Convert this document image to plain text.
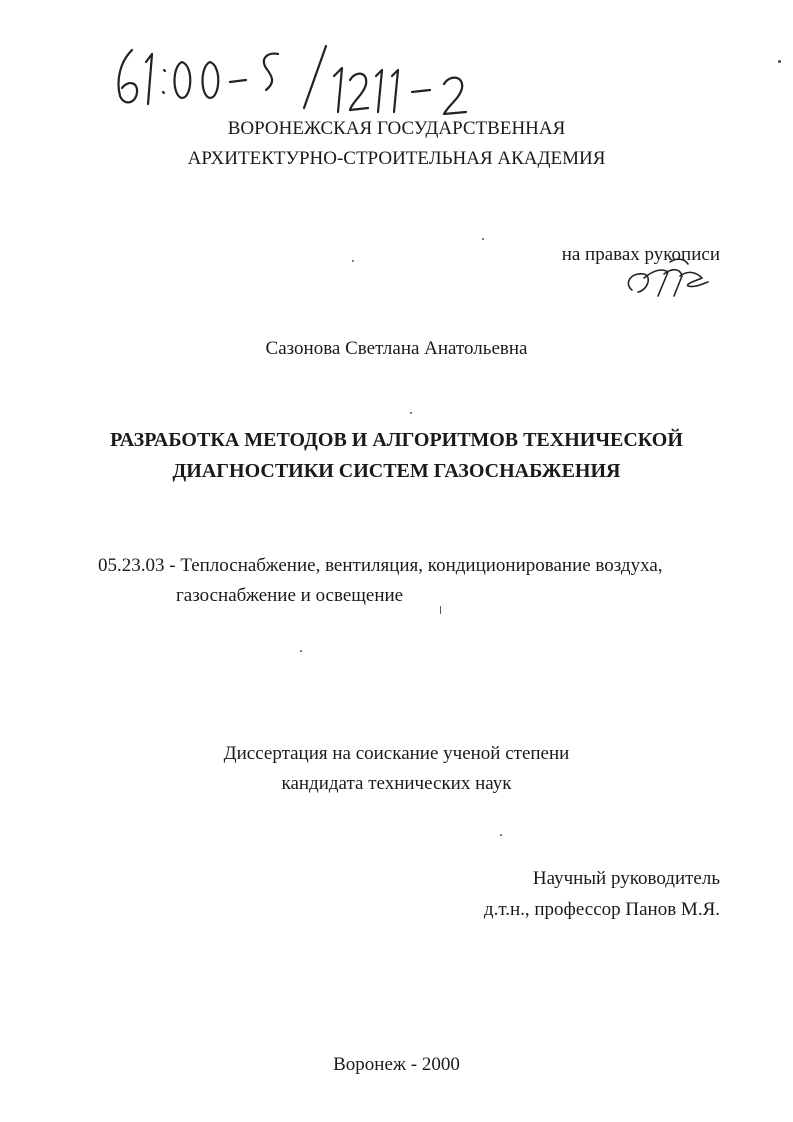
ВОРОНЕЖСКАЯ ГОСУДАРСТВЕННАЯ
АРХИТЕКТУРНО-СТРОИТЕЛЬНАЯ АКАДЕМИЯ
на правах рукописи
Сазонова Светлана Анатольевна
РАЗРАБОТКА МЕТОДОВ И АЛГОРИТМОВ ТЕХНИЧЕСКОЙ
ДИАГНОСТИКИ СИСТЕМ ГАЗОСНАБЖЕНИЯ
05.23.03 - Теплоснабжение, вентиляция, кондиционирование воздуха,
газоснабжение и освещение
Диссертация на соискание ученой степени
кандидата технических наук
Научный руководитель
д.т.н., профессор Панов М.Я.
Воронеж - 2000
